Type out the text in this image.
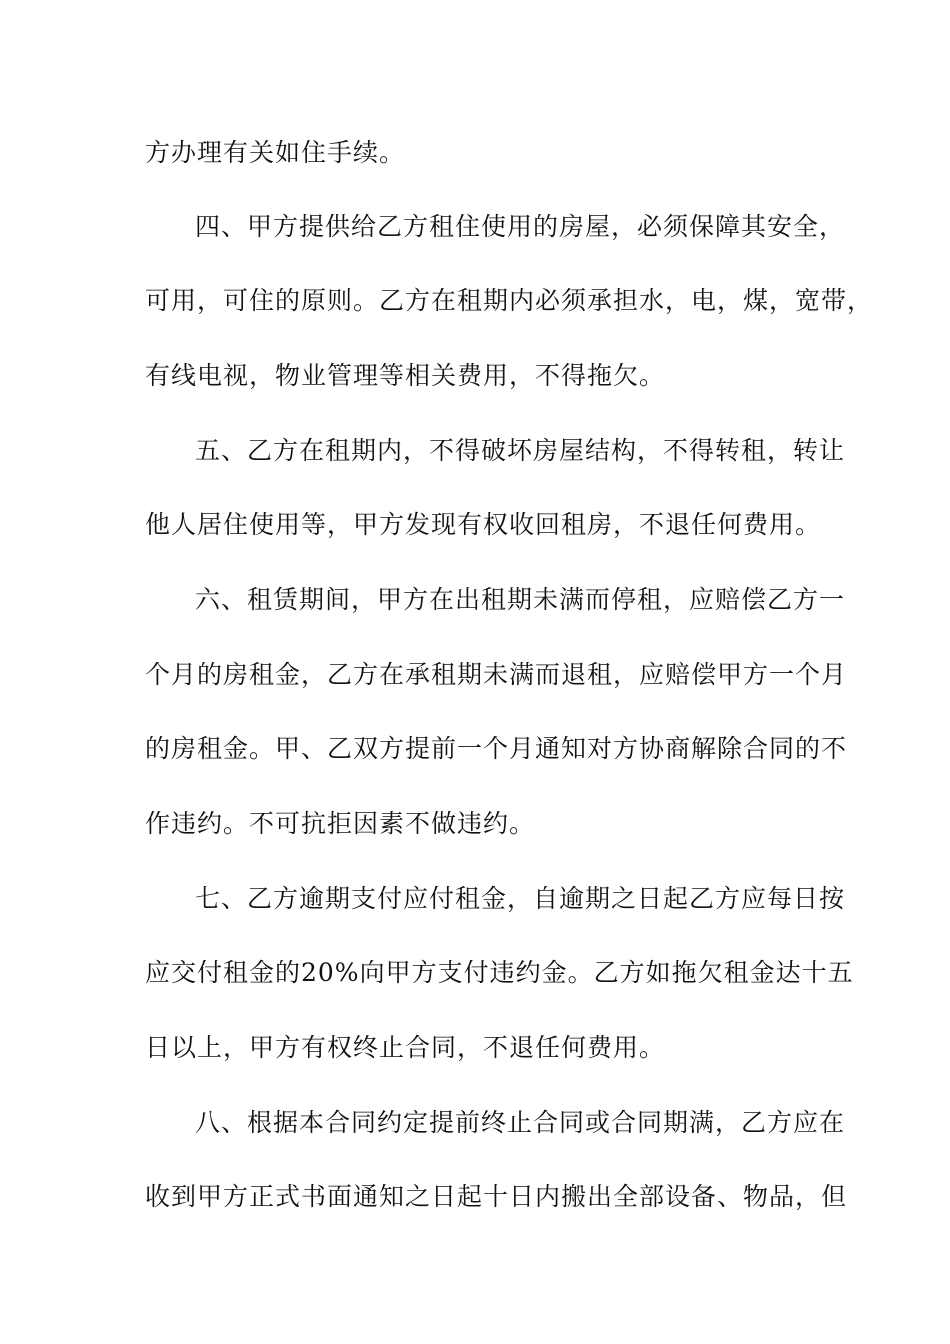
方办理有关如住手续。
四、甲方提供给乙方租住使用的房屋，必须保障其安全，
可用，可住的原则。乙方在租期内必须承担水，电，煤，宽带，
有线电视，物业管理等相关费用，不得拖欠。
五、乙方在租期内，不得破坏房屋结构，不得转租，转让
他人居住使用等，甲方发现有权收回租房，不退任何费用。
六、租赁期间，甲方在出租期未满而停租，应赔偿乙方一
个月的房租金，乙方在承租期未满而退租，应赔偿甲方一个月
的房租金。甲、乙双方提前一个月通知对方协商解除合同的不
作违约。不可抗拒因素不做违约。
七、乙方逾期支付应付租金，自逾期之日起乙方应每日按
应交付租金的20%向甲方支付违约金。乙方如拖欠租金达十五
日以上，甲方有权终止合同，不退任何费用。
八、根据本合同约定提前终止合同或合同期满，乙方应在
收到甲方正式书面通知之日起十日内搬出全部设备、物品，但
